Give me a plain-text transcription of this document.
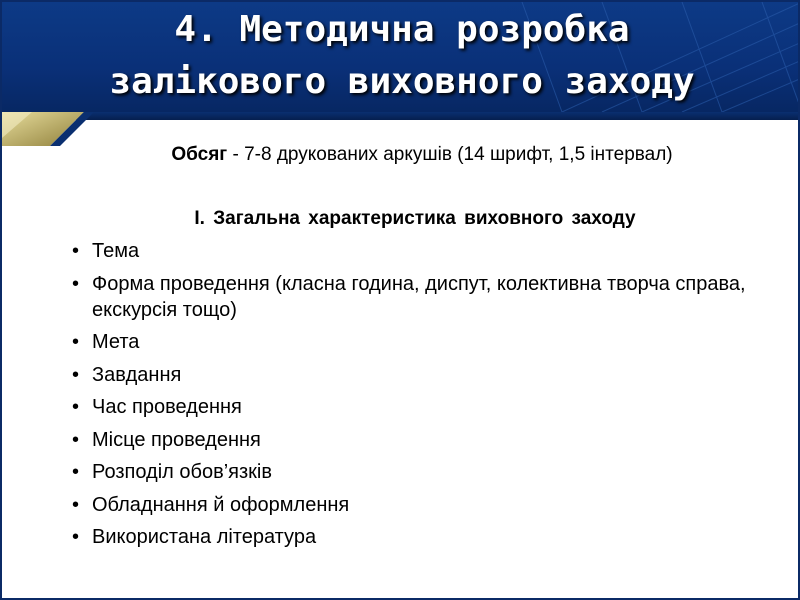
4. Методична розробка
залікового виховного заходу
Обсяг - 7-8 друкованих аркушів (14 шрифт, 1,5 інтервал)
І. Загальна характеристика виховного заходу
• Тема
• Форма проведення (класна година, диспут, колективна творча справа, екскурсія тощо)
• Мета
• Завдання
• Час проведення
• Місце проведення
• Розподіл обов’язків
• Обладнання й оформлення
• Використана література
